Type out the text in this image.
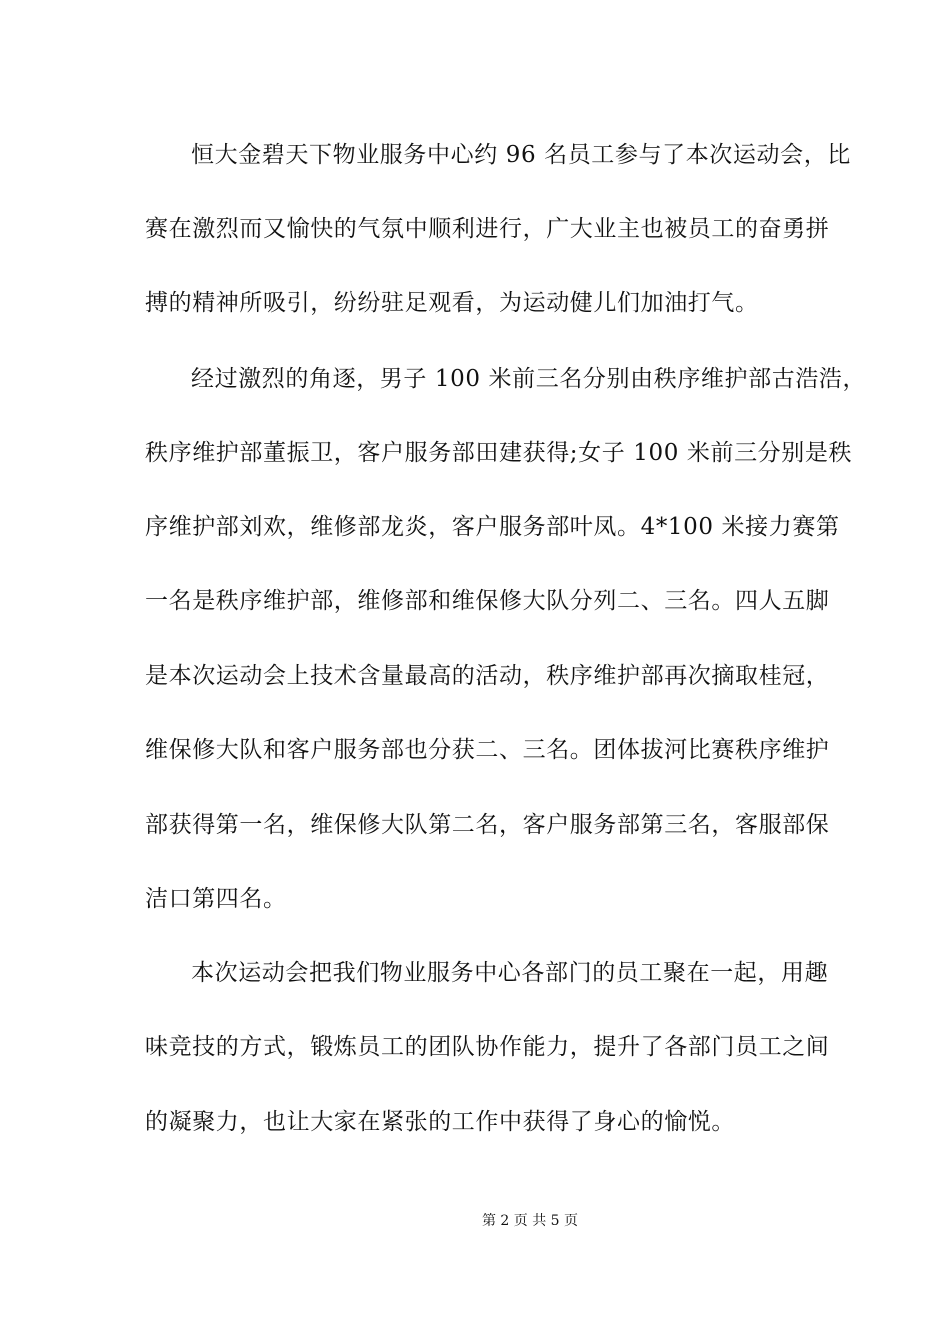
恒大金碧天下物业服务中心约 96 名员工参与了本次运动会，比
赛在激烈而又愉快的气氛中顺利进行，广大业主也被员工的奋勇拼
搏的精神所吸引，纷纷驻足观看，为运动健儿们加油打气。
经过激烈的角逐，男子 100 米前三名分别由秩序维护部古浩浩，
秩序维护部董振卫，客户服务部田建获得;女子 100 米前三分别是秩
序维护部刘欢，维修部龙炎，客户服务部叶凤。4*100 米接力赛第
一名是秩序维护部，维修部和维保修大队分列二、三名。四人五脚
是本次运动会上技术含量最高的活动，秩序维护部再次摘取桂冠，
维保修大队和客户服务部也分获二、三名。团体拔河比赛秩序维护
部获得第一名，维保修大队第二名，客户服务部第三名，客服部保
洁口第四名。
本次运动会把我们物业服务中心各部门的员工聚在一起，用趣
味竞技的方式，锻炼员工的团队协作能力，提升了各部门员工之间
的凝聚力，也让大家在紧张的工作中获得了身心的愉悦。
第 2 页 共 5 页
